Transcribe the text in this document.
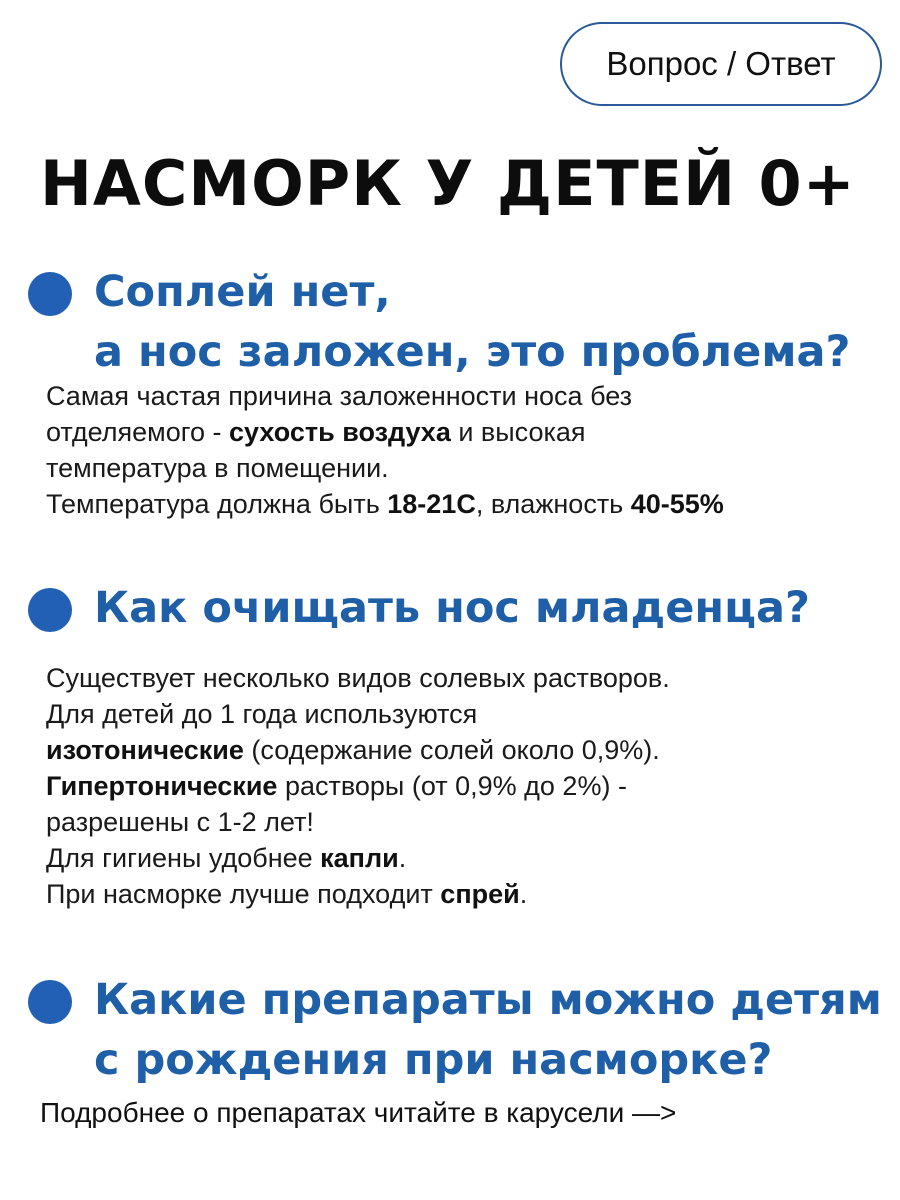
Вопрос / Ответ
НАСМОРК У ДЕТЕЙ 0+
Соплей нет,
а нос заложен, это проблема?
Самая частая причина заложенности носа без
отделяемого - сухость воздуха и высокая
температура в помещении.
Температура должна быть 18-21С, влажность 40-55%
Как очищать нос младенца?
Существует несколько видов солевых растворов.
Для детей до 1 года используются
изотонические (содержание солей около 0,9%).
Гипертонические растворы (от 0,9% до 2%) -
разрешены с 1-2 лет!
Для гигиены удобнее капли.
При насморке лучше подходит спрей.
Какие препараты можно детям
с рождения при насморке?
Подробнее о препаратах читайте в карусели —>
